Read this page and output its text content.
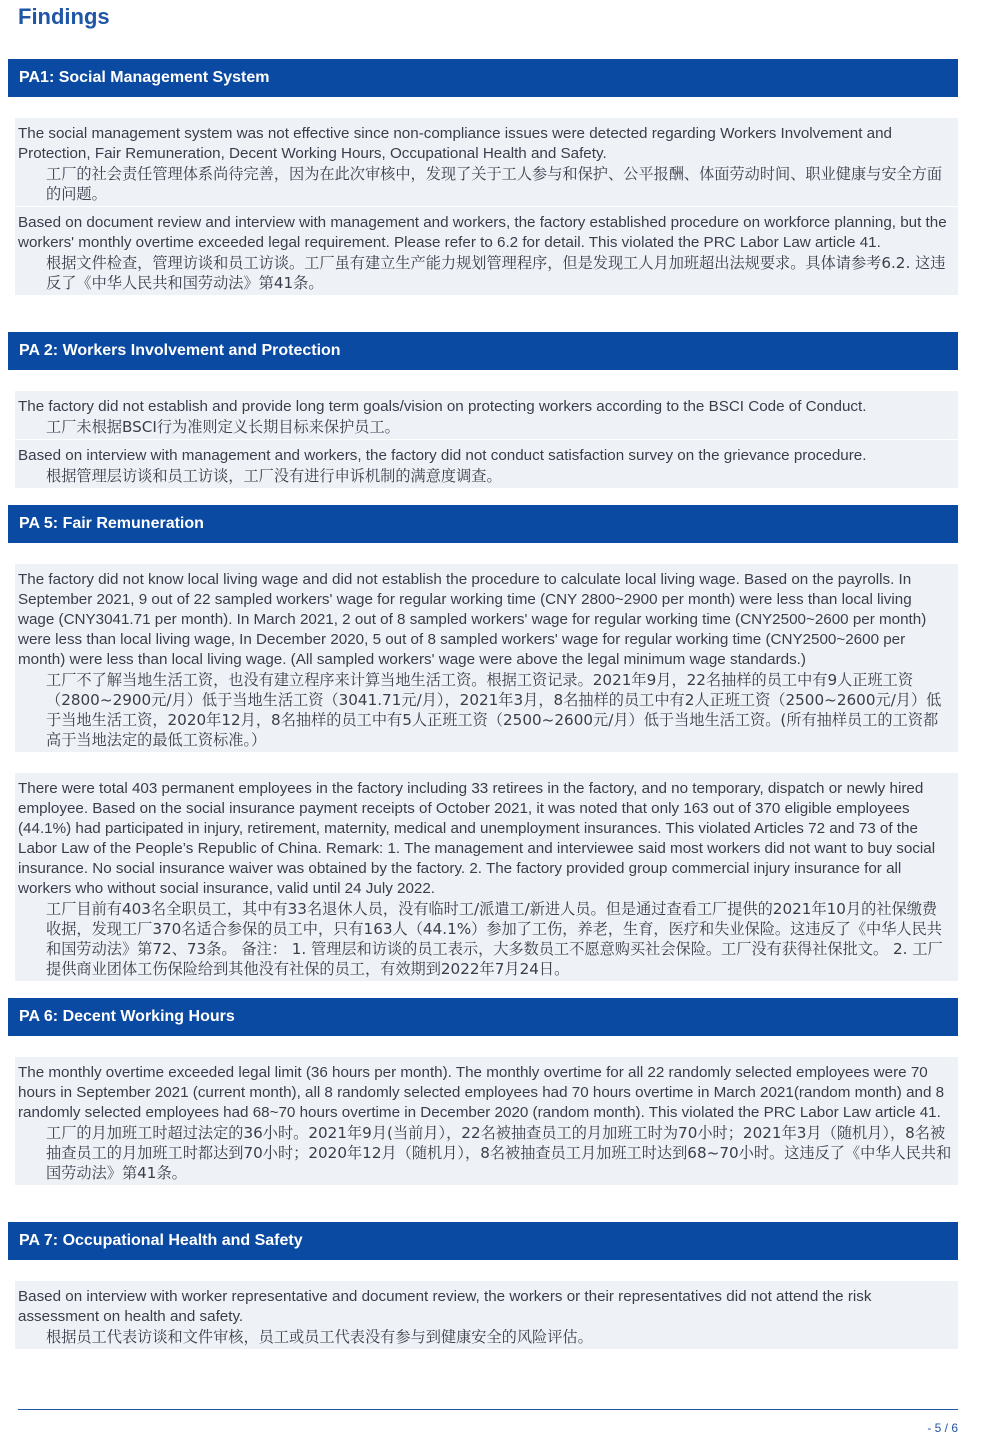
Findings
PA1: Social Management System

The social management system was not effective since non-compliance issues were detected regarding Workers Involvement and Protection, Fair Remuneration, Decent Working Hours, Occupational Health and Safety.

工厂的社会责任管理体系尚待完善，因为在此次审核中，发现了关于工人参与和保护、公平报酬、体面劳动时间、职业健康与安全方面的问题。

Based on document review and interview with management and workers, the factory established procedure on workforce planning, but the workers' monthly overtime exceeded legal requirement. Please refer to 6.2 for detail. This violated the PRC Labor Law article 41.

根据文件检查，管理访谈和员工访谈。工厂虽有建立生产能力规划管理程序，但是发现工人月加班超出法规要求。具体请参考6.2. 这违反了《中华人民共和国劳动法》第41条。

PA 2: Workers Involvement and Protection

The factory did not establish and provide long term goals/vision on protecting workers according to the BSCI Code of Conduct.

工厂未根据BSCI行为准则定义长期目标来保护员工。

Based on interview with management and workers, the factory did not conduct satisfaction survey on the grievance procedure.

根据管理层访谈和员工访谈，工厂没有进行申诉机制的满意度调查。

PA 5: Fair Remuneration

The factory did not know local living wage and did not establish the procedure to calculate local living wage. Based on the payrolls. In September 2021, 9 out of 22 sampled workers' wage for regular working time (CNY 2800~2900 per month) were less than local living wage (CNY3041.71 per month). In March 2021, 2 out of 8 sampled workers' wage for regular working time (CNY2500~2600 per month) were less than local living wage, In December 2020, 5 out of 8 sampled workers' wage for regular working time (CNY2500~2600 per month) were less than local living wage. (All sampled workers' wage were above the legal minimum wage standards.)

工厂不了解当地生活工资，也没有建立程序来计算当地生活工资。根据工资记录。2021年9月，22名抽样的员工中有9人正班工资（2800~2900元/月）低于当地生活工资（3041.71元/月），2021年3月，8名抽样的员工中有2人正班工资（2500~2600元/月）低于当地生活工资，2020年12月，8名抽样的员工中有5人正班工资（2500~2600元/月）低于当地生活工资。(所有抽样员工的工资都高于当地法定的最低工资标准。）

There were total 403 permanent employees in the factory including 33 retirees in the factory, and no temporary, dispatch or newly hired employee. Based on the social insurance payment receipts of October 2021, it was noted that only 163 out of 370 eligible employees (44.1%) had participated in injury, retirement, maternity, medical and unemployment insurances. This violated Articles 72 and 73 of the Labor Law of the People’s Republic of China. Remark: 1. The management and interviewee said most workers did not want to buy social insurance. No social insurance waiver was obtained by the factory. 2. The factory provided group commercial injury insurance for all workers who without social insurance, valid until 24 July 2022.

工厂目前有403名全职员工，其中有33名退休人员，没有临时工/派遣工/新进人员。但是通过查看工厂提供的2021年10月的社保缴费收据，发现工厂370名适合参保的员工中，只有163人（44.1%）参加了工伤，养老，生育，医疗和失业保险。这违反了《中华人民共和国劳动法》第72、73条。 备注： 1. 管理层和访谈的员工表示，大多数员工不愿意购买社会保险。工厂没有获得社保批文。 2. 工厂提供商业团体工伤保险给到其他没有社保的员工，有效期到2022年7月24日。

PA 6: Decent Working Hours

The monthly overtime exceeded legal limit (36 hours per month). The monthly overtime for all 22 randomly selected employees were 70 hours in September 2021 (current month), all 8 randomly selected employees had 70 hours overtime in March 2021(random month) and 8 randomly selected employees had 68~70 hours overtime in December 2020 (random month). This violated the PRC Labor Law article 41.

工厂的月加班工时超过法定的36小时。2021年9月(当前月），22名被抽查员工的月加班工时为70小时；2021年3月（随机月），8名被抽查员工的月加班工时都达到70小时；2020年12月（随机月），8名被抽查员工月加班工时达到68~70小时。这违反了《中华人民共和国劳动法》第41条。

PA 7: Occupational Health and Safety

Based on interview with worker representative and document review, the workers or their representatives did not attend the risk assessment on health and safety.

根据员工代表访谈和文件审核，员工或员工代表没有参与到健康安全的风险评估。

- 5 / 6
